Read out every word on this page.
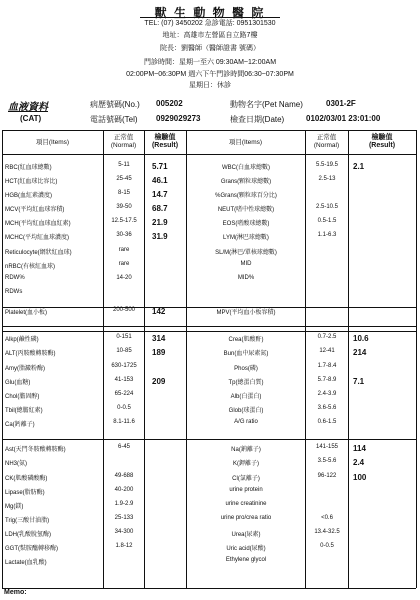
獸 生 動 物 醫 院
TEL: (07) 3450202 急診電話: 0951301530
地址：高雄市左營區自立路7樓
院長：劉醫師（醫師證書 號碼）
門診時間：星期一至六 09:30AM~12:00AM
02:00PM~06:30PM 週六下午門診時間06:30~07:30PM
星期日：休診
血液資料
(CAT)
病歷號碼(No.) 005202	動物名字(Pet Name)	0301-2F
電話號碼(Tel) 0929029273	檢查日期(Date)	0102/03/01 23:01:00
項目(Items)
正常值
(Normal)
檢驗值
(Result)	項目(Items)
正常值
(Normal)
檢驗值
(Result)
RBC(紅血球總數)	5-11	5.71
HCT(紅血球比容比)	25-45	46.1
HGB(血紅素濃度)	8-15	14.7
MCV(平均紅血球容積)	39-50	68.7
MCH(平均紅血球血紅素)	12.5-17.5	21.9
MCHC(平均紅血球濃度)	30-36	31.9
Reticulocyte(網狀紅血球)	rare
nRBC(有核紅血球)	rare
RDW%	14-20
RDWs
Platelet(血小板)	200-500	142
Alkp(鹼性磷)	0-151	314
ALT(丙胺酸轉胺酶)	10-85	189
Amy(脂澱粉酶)	630-1725
Glu(血糖)	41-153	209
Chol(膽固醇)	65-224
Tbil(總膽紅素)	0-0.5
Ca(鈣離子)	8.1-11.6
Ast(天門冬胺酸轉胺酶)	6-45
NH3(氨)
CK(肌酸磷酸酶)	49-688
Lipase(脂肪酶)	40-200
Mg(鎂)	1.9-2.9
Trig(三酸甘油脂)	25-133
LDH(乳酸脫氫酶)	34-300
GGT(麩胺醯轉移酶)	1.8-12
Lactate(血乳酸)
WBC(白血球總數)	5.5-19.5	2.1
Grans(顆粒球總數)	2.5-13
%Grans(顆粒球百分比)
NEUT(嗜中性球總數)	2.5-10.5
EOS(嗜酸球總數)	0.5-1.5
LYM(淋巴球總數)	1.1-6.3
SL/M(淋巴/單核球總數)
MID
MID%
MPV(平均血小板容積)
Crea(肌酸酐)	0.7-2.5	10.6
Bun(血中尿素氮)	12-41	214
Phos(磷)	1.7-8.4
Tp(總蛋白質)	5.7-8.9	7.1
Alb(白蛋白)	2.4-3.9
Glob(球蛋白)	3.6-5.6
A/G ratio	0.6-1.5
Na(鈉離子)	141-155	114
K(鉀離子)	3.5-5.6	2.4
Cl(氯離子)	96-122	100
urine protein
urine creatinine
urine pro/crea ratio	<0.6
Urea(尿素)	13.4-32.5
Uric acid(尿酸)	0-0.5
Ethylene glycol
Memo:
